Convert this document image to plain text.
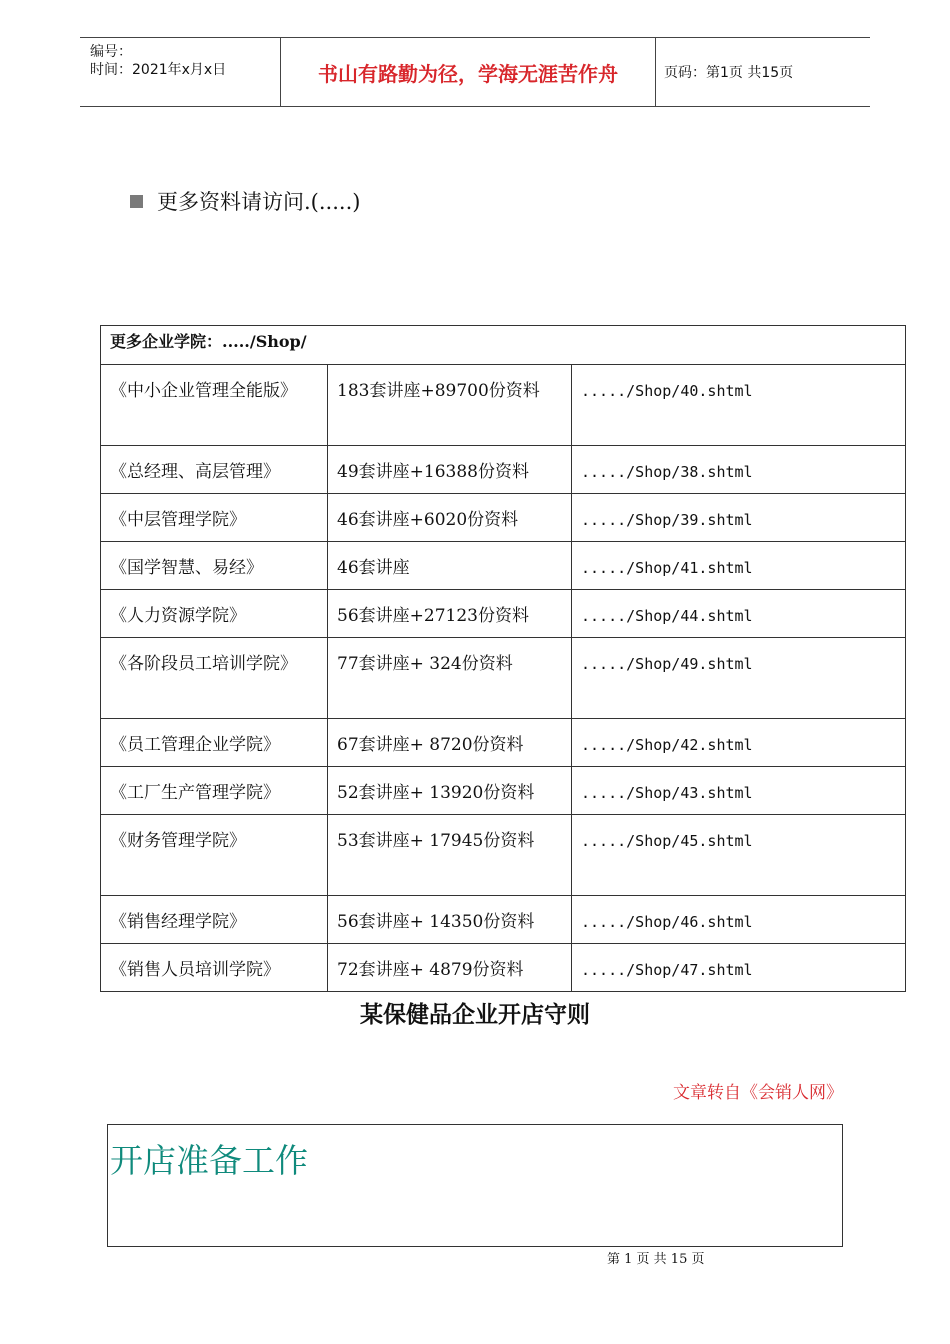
编号：
时间：2021年x月x日	书山有路勤为径，学海无涯苦作舟	页码：第1页 共15页
更多资料请访问.(.....)
更多企业学院：...../Shop/		
《中小企业管理全能版》	183套讲座+89700份资料	...../Shop/40.shtml
《总经理、高层管理》	49套讲座+16388份资料	...../Shop/38.shtml
《中层管理学院》	46套讲座+6020份资料	...../Shop/39.shtml
《国学智慧、易经》	46套讲座	...../Shop/41.shtml
《人力资源学院》	56套讲座+27123份资料	...../Shop/44.shtml
《各阶段员工培训学院》	77套讲座+ 324份资料	...../Shop/49.shtml
《员工管理企业学院》	67套讲座+ 8720份资料	...../Shop/42.shtml
《工厂生产管理学院》	52套讲座+ 13920份资料	...../Shop/43.shtml
《财务管理学院》	53套讲座+ 17945份资料	...../Shop/45.shtml
《销售经理学院》	56套讲座+ 14350份资料	...../Shop/46.shtml
《销售人员培训学院》	72套讲座+ 4879份资料	...../Shop/47.shtml
某保健品企业开店守则
文章转自《会销人网》
开店准备工作
第 1 页 共 15 页
